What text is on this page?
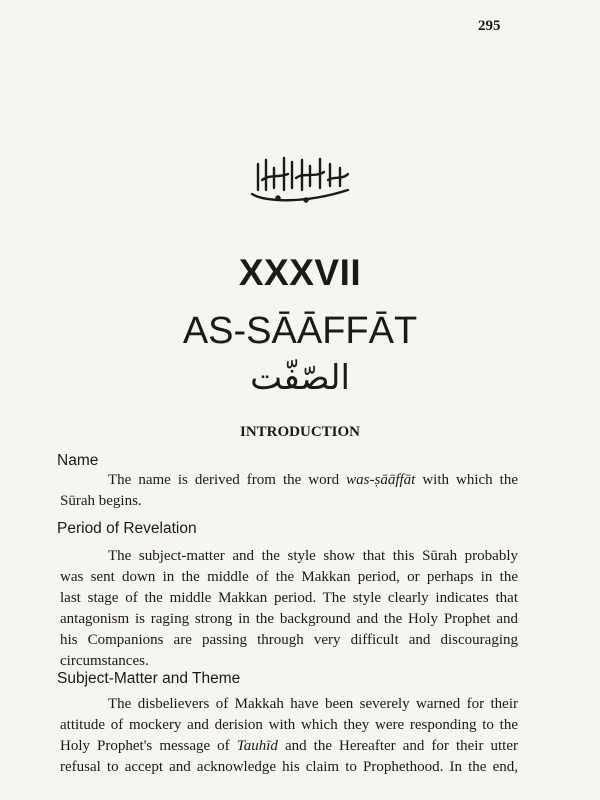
295
XXXVII
AS-SĀĀFFĀT
الصّفّت
INTRODUCTION
Name

The name is derived from the word was-ṣāāffāt with which the
Sūrah begins.

Period of Revelation

The subject-matter and the style show that this Sūrah probably
was sent down in the middle of the Makkan period, or perhaps in the
last stage of the middle Makkan period. The style clearly indicates that
antagonism is raging strong in the background and the Holy Prophet and
his Companions are passing through very difficult and discouraging
circumstances.

Subject-Matter and Theme

The disbelievers of Makkah have been severely warned for their
attitude of mockery and derision with which they were responding to the
Holy Prophet's message of Tauhīd and the Hereafter and for their utter
refusal to accept and acknowledge his claim to Prophethood. In the end,
